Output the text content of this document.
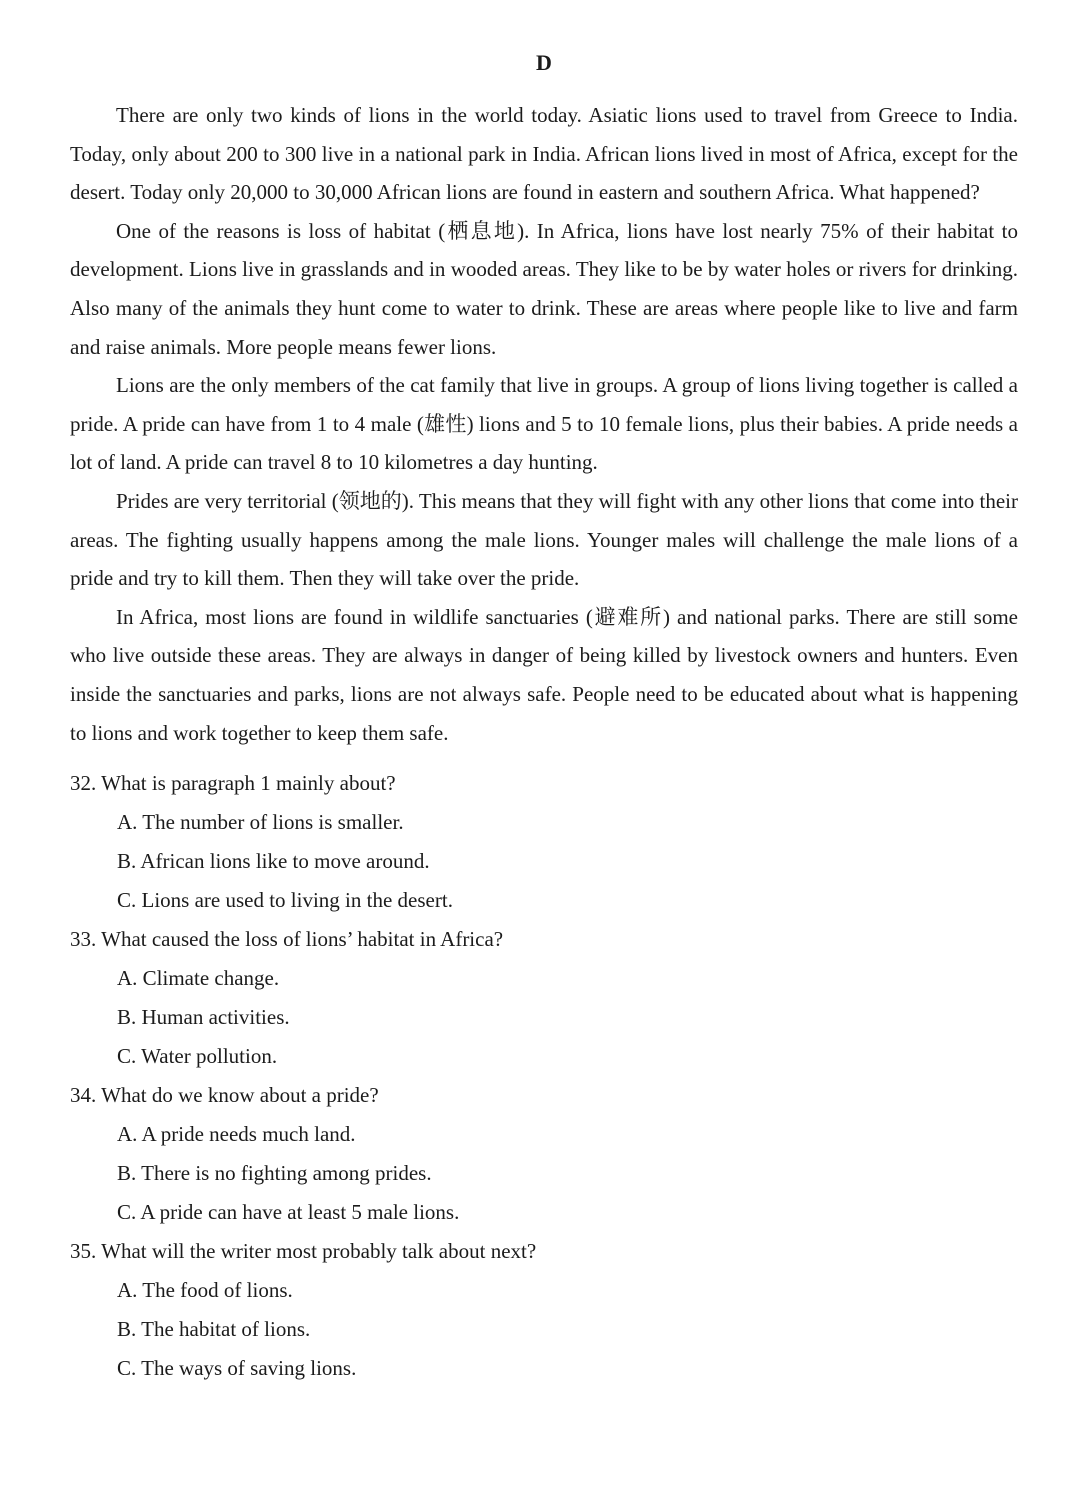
D

There are only two kinds of lions in the world today. Asiatic lions used to travel from Greece to India. Today, only about 200 to 300 live in a national park in India. African lions lived in most of Africa, except for the desert. Today only 20,000 to 30,000 African lions are found in eastern and southern Africa. What happened?

One of the reasons is loss of habitat (栖息地). In Africa, lions have lost nearly 75% of their habitat to development. Lions live in grasslands and in wooded areas. They like to be by water holes or rivers for drinking. Also many of the animals they hunt come to water to drink. These are areas where people like to live and farm and raise animals. More people means fewer lions.

Lions are the only members of the cat family that live in groups. A group of lions living together is called a pride. A pride can have from 1 to 4 male (雄性) lions and 5 to 10 female lions, plus their babies. A pride needs a lot of land. A pride can travel 8 to 10 kilometres a day hunting.

Prides are very territorial (领地的). This means that they will fight with any other lions that come into their areas. The fighting usually happens among the male lions. Younger males will challenge the male lions of a pride and try to kill them. Then they will take over the pride.

In Africa, most lions are found in wildlife sanctuaries (避难所) and national parks. There are still some who live outside these areas. They are always in danger of being killed by livestock owners and hunters. Even inside the sanctuaries and parks, lions are not always safe. People need to be educated about what is happening to lions and work together to keep them safe.

32. What is paragraph 1 mainly about?

A. The number of lions is smaller.

B. African lions like to move around.

C. Lions are used to living in the desert.

33. What caused the loss of lions’ habitat in Africa?

A. Climate change.

B. Human activities.

C. Water pollution.

34. What do we know about a pride?

A. A pride needs much land.

B. There is no fighting among prides.

C. A pride can have at least 5 male lions.

35. What will the writer most probably talk about next?

A. The food of lions.

B. The habitat of lions.

C. The ways of saving lions.
